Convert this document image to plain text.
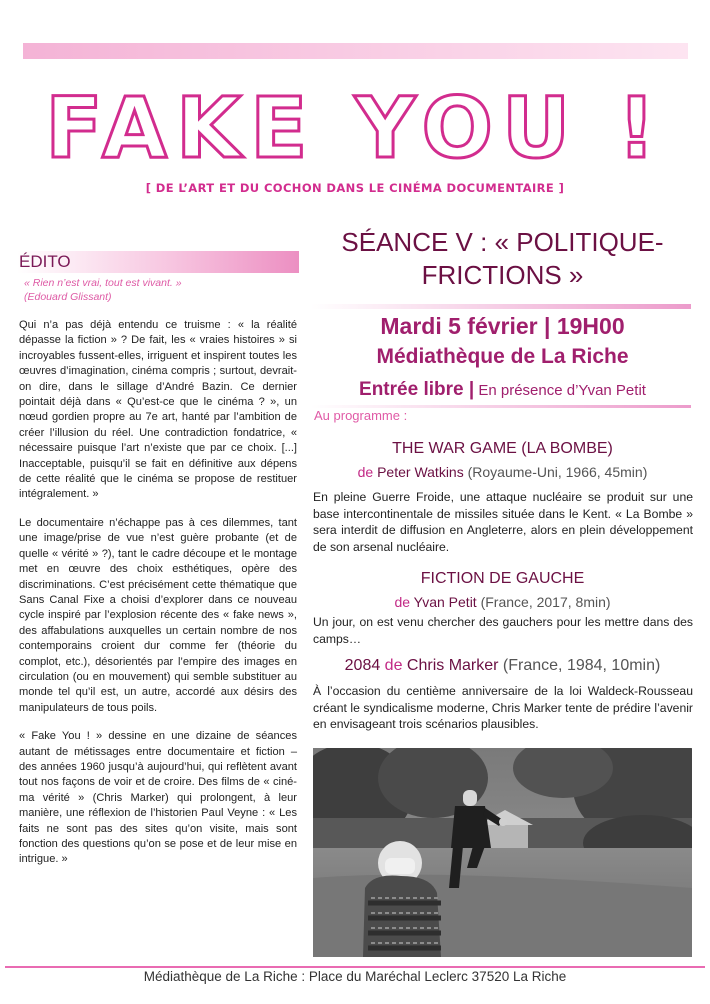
FAKE YOU !
[ DE L’ART ET DU COCHON DANS LE CINÉMA DOCUMENTAIRE ]
ÉDITO
« Rien n’est vrai, tout est vivant. »
(Edouard Glissant)

Qui n’a pas déjà entendu ce truisme : « la réalité dépasse la fiction » ? De fait, les « vraies histoires » si incroyables fussent-elles, irriguent et inspirent toutes les œuvres d’imagination, cinéma compris ; surtout, devrait-on dire, dans le sillage d’André Bazin. Ce dernier pointait déjà dans « Qu’est-ce que le cinéma ? », un nœud gordien propre au 7e art, hanté par l’ambition de créer l’illusion du réel. Une contradiction fondatrice, « nécessaire puisque l’art n’existe que par ce choix. [...] Inacceptable, puisqu’il se fait en définitive aux dépens de cette réalité que le cinéma se propose de restituer intégralement. »

Le documentaire n’échappe pas à ces dilemmes, tant une image/prise de vue n’est guère probante (et de quelle « vérité » ?), tant le cadre découpe et le montage met en œuvre des choix esthétiques, opère des discriminations. C’est précisément cette thématique que Sans Canal Fixe a choisi d’explorer dans ce nouveau cycle inspiré par l’explosion récente des « fake news », des affabulations auxquelles un certain nombre de nos contemporains croient dur comme fer (théorie du complot, etc.), désorientés par l’empire des images en circulation (ou en mouvement) qui semble substituer au monde tel qu’il est, un autre, accordé aux désirs des manipulateurs de tous poils.

« Fake You ! » dessine en une dizaine de séances autant de métissages entre documentaire et fiction – des années 1960 jusqu’à aujourd’hui, qui reflètent avant tout nos façons de voir et de croire. Des films de « ciné-ma vérité » (Chris Marker) qui prolongent, à leur manière, une réflexion de l’historien Paul Veyne : « Les faits ne sont pas des sites qu’on visite, mais sont fonction des questions qu’on se pose et de leur mise en intrigue. »

SÉANCE V : « POLITIQUE-
FRICTIONS »
Mardi 5 février | 19H00
Médiathèque de La Riche
Entrée libre | En présence d’Yvan Petit
Au programme :
THE WAR GAME (LA BOMBE)
de Peter Watkins (Royaume-Uni, 1966, 45min)
En pleine Guerre Froide, une attaque nucléaire se produit sur une base intercontinentale de missiles située dans le Kent. « La Bombe » sera interdit de diffusion en Angleterre, alors en plein développement de son arsenal nucléaire.
FICTION DE GAUCHE
de Yvan Petit (France, 2017, 8min)
Un jour, on est venu chercher des gauchers pour les mettre dans des camps…
2084 de Chris Marker (France, 1984, 10min)
À l’occasion du centième anniversaire de la loi Waldeck-Rousseau créant le syndicalisme moderne, Chris Marker tente de prédire l’avenir en envisageant trois scénarios plausibles.
Médiathèque de La Riche : Place du Maréchal Leclerc 37520 La Riche
